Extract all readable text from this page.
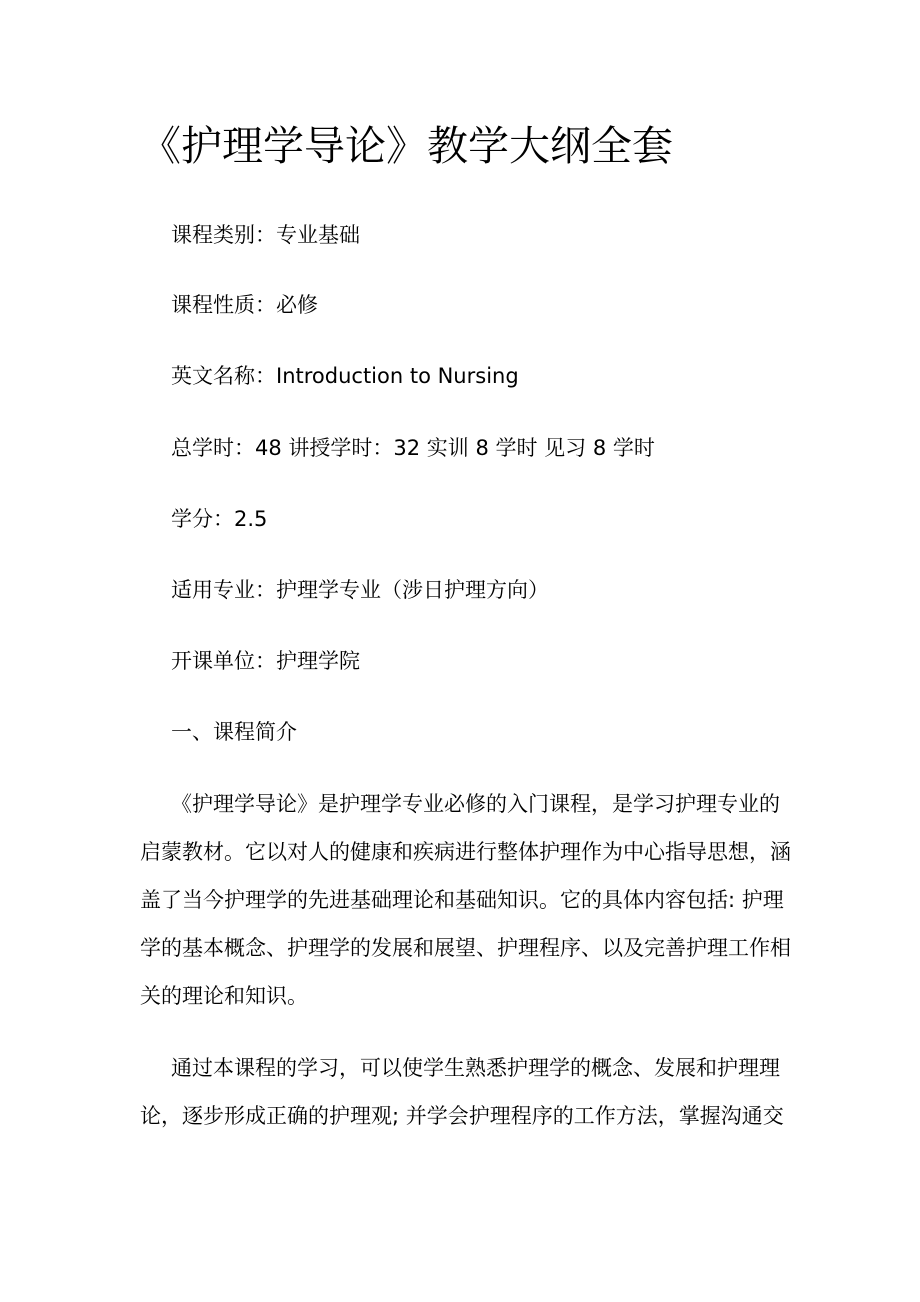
《护理学导论》教学大纲全套

课程类别：专业基础

课程性质：必修

英文名称：Introduction to Nursing

总学时：48 讲授学时：32 实训 8 学时 见习 8 学时

学分：2.5

适用专业：护理学专业（涉日护理方向）

开课单位：护理学院

一、课程简介
《护理学导论》是护理学专业必修的入门课程，是学习护理专业的
启蒙教材。它以对人的健康和疾病进行整体护理作为中心指导思想，涵
盖了当今护理学的先进基础理论和基础知识。它的具体内容包括: 护理
学的基本概念、护理学的发展和展望、护理程序、以及完善护理工作相
关的理论和知识。
通过本课程的学习，可以使学生熟悉护理学的概念、发展和护理理
论，逐步形成正确的护理观; 并学会护理程序的工作方法，掌握沟通交
